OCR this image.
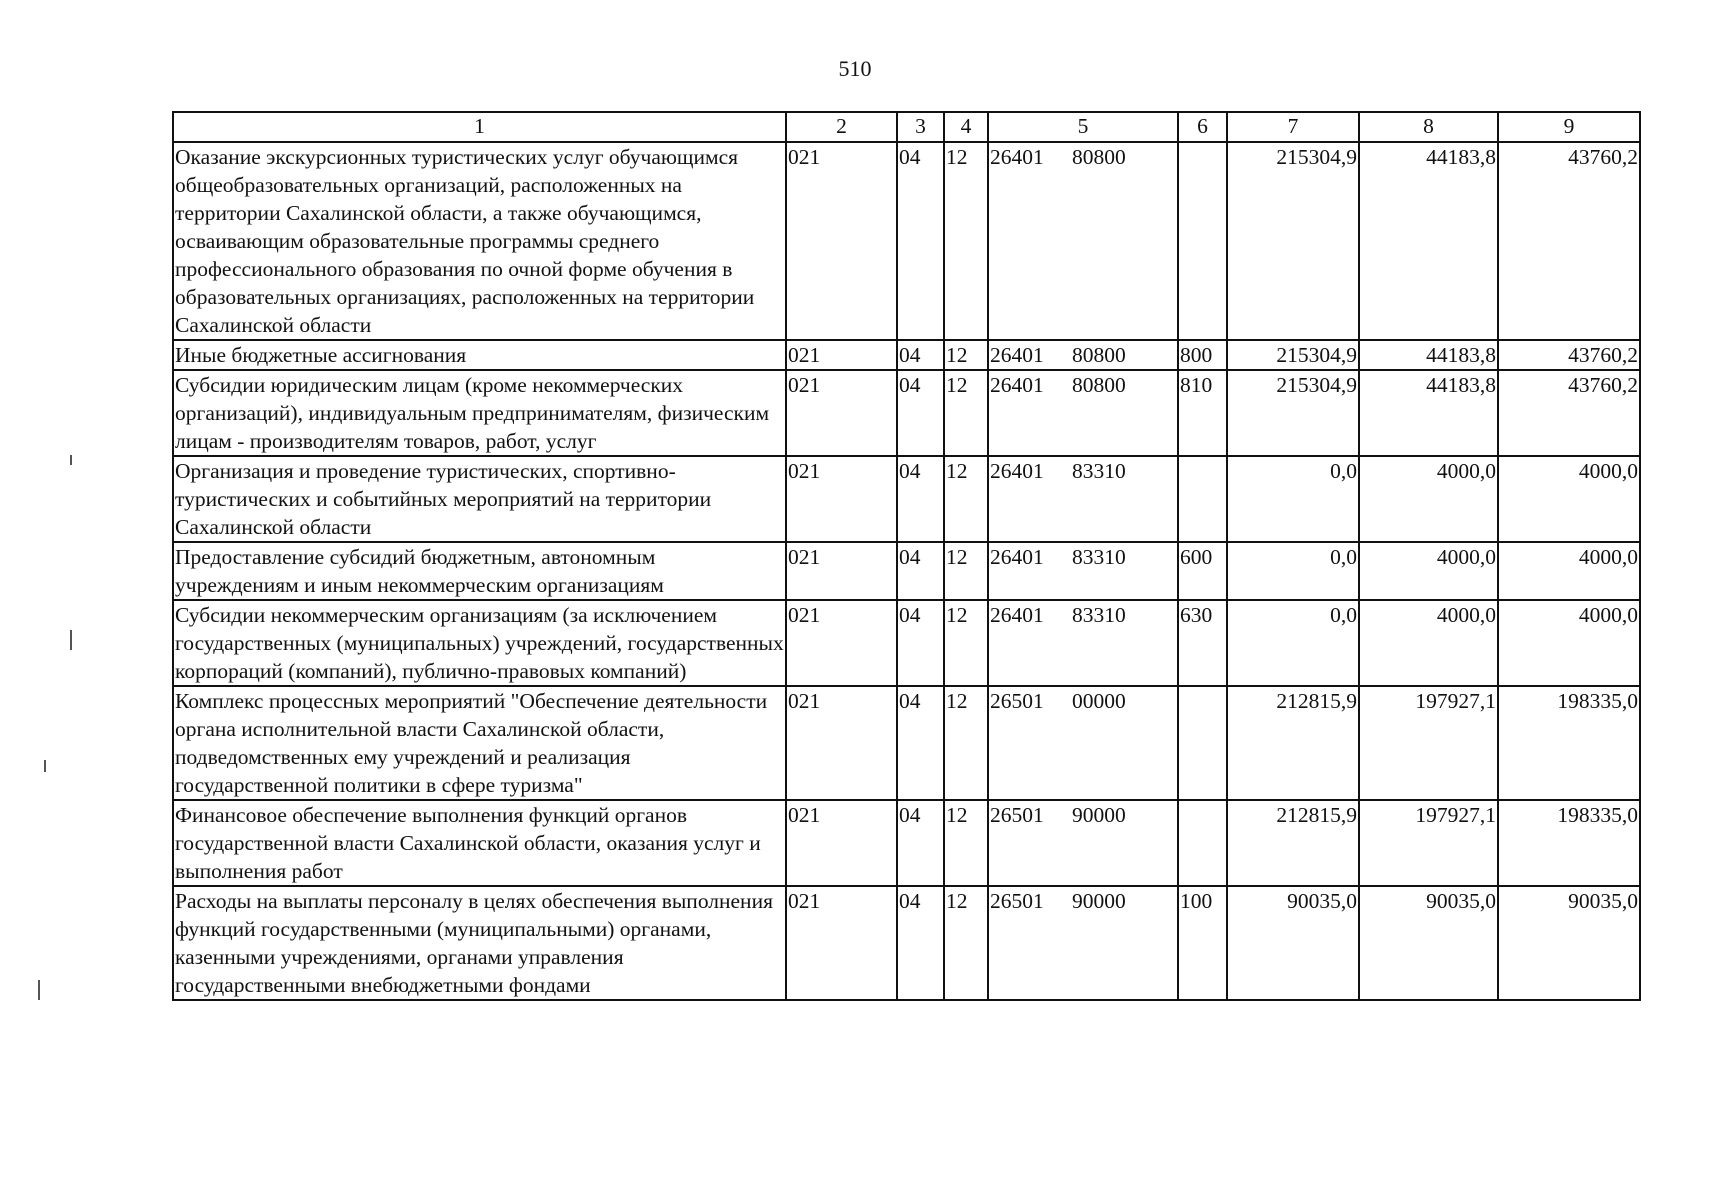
510
1	2	3	4	5		6	7	8	9
Оказание экскурсионных туристических услуг обучающимся общеобразовательных организаций, расположенных на территории Сахалинской области, а также обучающимся, осваивающим образовательные программы среднего профессионального образования по очной форме обучения в образовательных организациях, расположенных на территории Сахалинской области	021	04	12	26401	80800		215304,9	44183,8	43760,2
Иные бюджетные ассигнования	021	04	12	26401	80800	800	215304,9	44183,8	43760,2
Субсидии юридическим лицам (кроме некоммерческих организаций), индивидуальным предпринимателям, физическим лицам - производителям товаров, работ, услуг	021	04	12	26401	80800	810	215304,9	44183,8	43760,2
Организация и проведение туристических, спортивно-туристических и событийных мероприятий на территории Сахалинской области	021	04	12	26401	83310		0,0	4000,0	4000,0
Предоставление субсидий бюджетным, автономным учреждениям и иным некоммерческим организациям	021	04	12	26401	83310	600	0,0	4000,0	4000,0
Субсидии некоммерческим организациям (за исключением государственных (муниципальных) учреждений, государственных корпораций (компаний), публично-правовых компаний)	021	04	12	26401	83310	630	0,0	4000,0	4000,0
Комплекс процессных мероприятий "Обеспечение деятельности органа исполнительной власти Сахалинской области, подведомственных ему учреждений и реализация государственной политики в сфере туризма"	021	04	12	26501	00000		212815,9	197927,1	198335,0
Финансовое обеспечение выполнения функций органов государственной власти Сахалинской области, оказания услуг и выполнения работ	021	04	12	26501	90000		212815,9	197927,1	198335,0
Расходы на выплаты персоналу в целях обеспечения выполнения функций государственными (муниципальными) органами, казенными учреждениями, органами управления государственными внебюджетными фондами	021	04	12	26501	90000	100	90035,0	90035,0	90035,0
